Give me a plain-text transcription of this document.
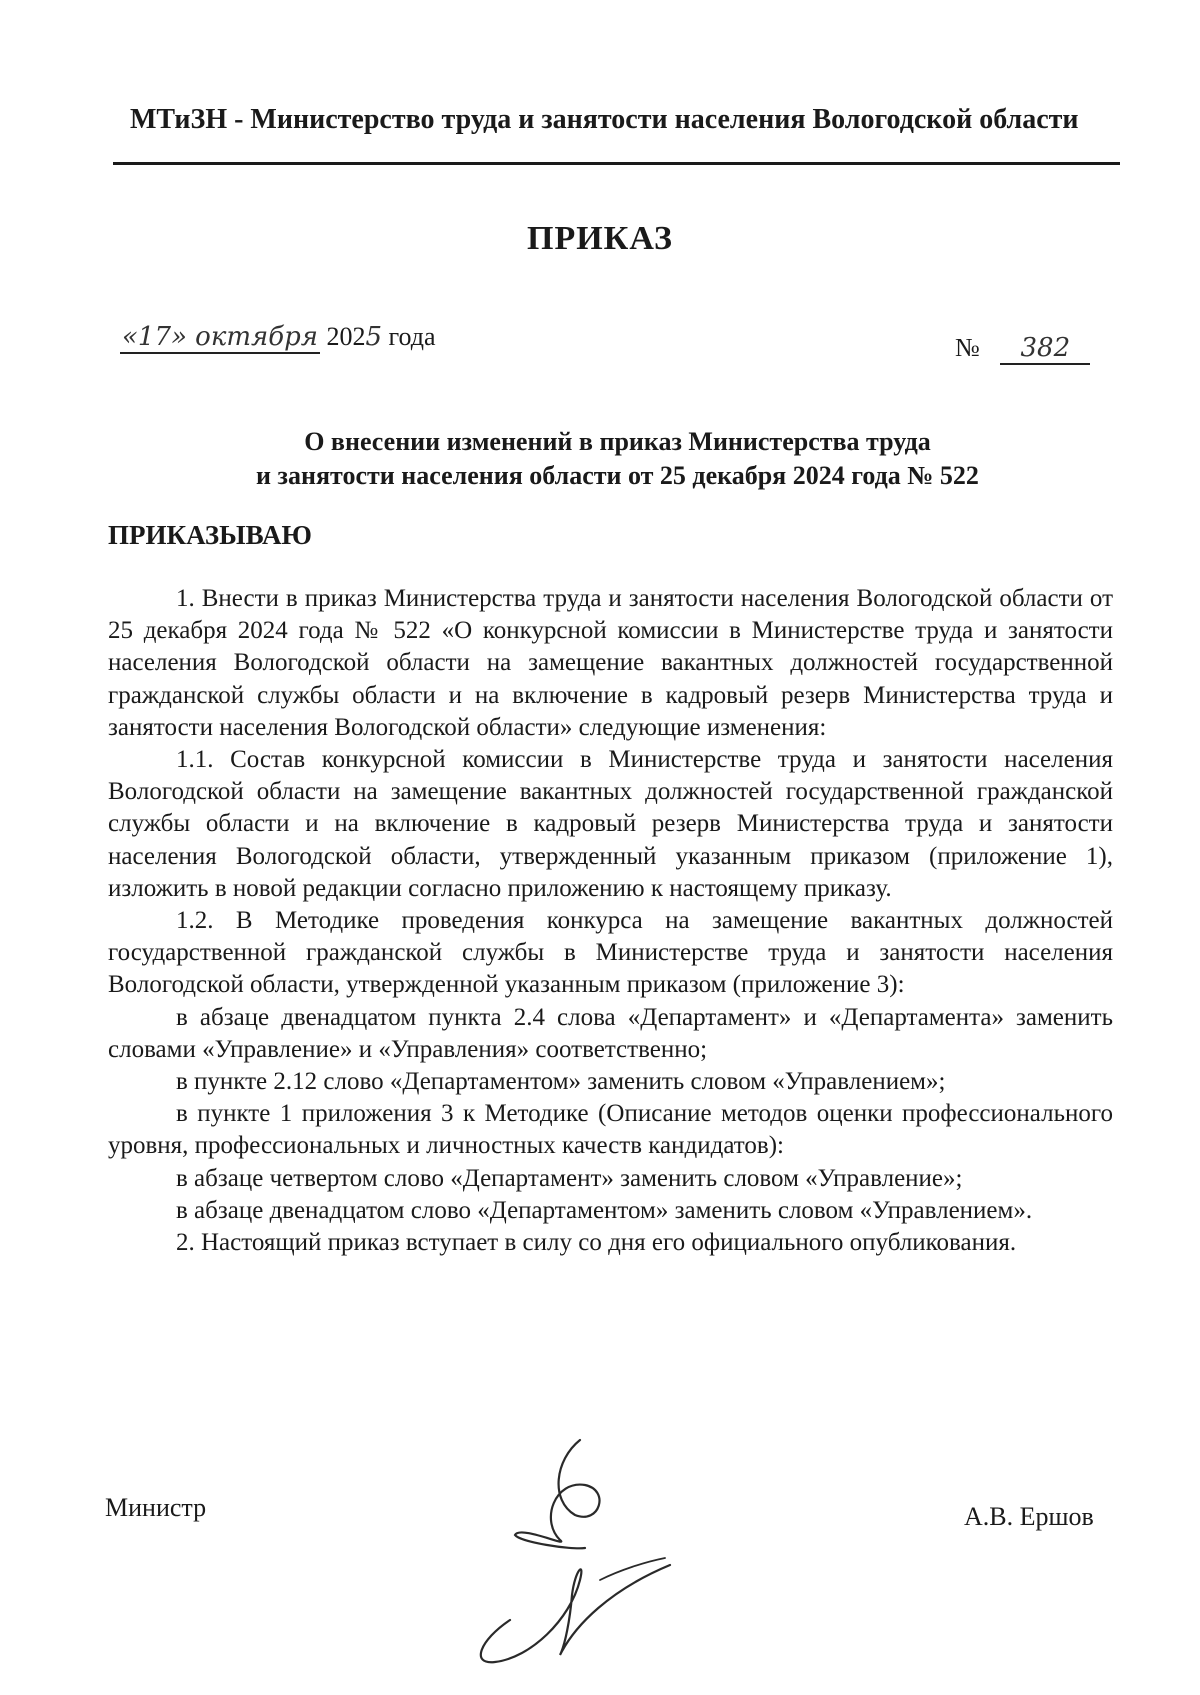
МТиЗН - Министерство труда и занятости населения Вологодской области
ПРИКАЗ
«17» октября 2025 года	№ 382
О внесении изменений в приказ Министерства труда
и занятости населения области от 25 декабря 2024 года № 522
ПРИКАЗЫВАЮ

1. Внести в приказ Министерства труда и занятости населения Вологодской области от 25 декабря 2024 года № 522 «О конкурсной комиссии в Министерстве труда и занятости населения Вологодской области на замещение вакантных должностей государственной гражданской службы области и на включение в кадровый резерв Министерства труда и занятости населения Вологодской области» следующие изменения:

1.1. Состав конкурсной комиссии в Министерстве труда и занятости населения Вологодской области на замещение вакантных должностей государственной гражданской службы области и на включение в кадровый резерв Министерства труда и занятости населения Вологодской области, утвержденный указанным приказом (приложение 1), изложить в новой редакции согласно приложению к настоящему приказу.

1.2. В Методике проведения конкурса на замещение вакантных должностей государственной гражданской службы в Министерстве труда и занятости населения Вологодской области, утвержденной указанным приказом (приложение 3):

в абзаце двенадцатом пункта 2.4 слова «Департамент» и «Департамента» заменить словами «Управление» и «Управления» соответственно;

в пункте 2.12 слово «Департаментом» заменить словом «Управлением»;

в пункте 1 приложения 3 к Методике (Описание методов оценки профессионального уровня, профессиональных и личностных качеств кандидатов):

в абзаце четвертом слово «Департамент» заменить словом «Управление»;

в абзаце двенадцатом слово «Департаментом» заменить словом «Управлением».

2. Настоящий приказ вступает в силу со дня его официального опубликования.

Министр	А.В. Ершов
